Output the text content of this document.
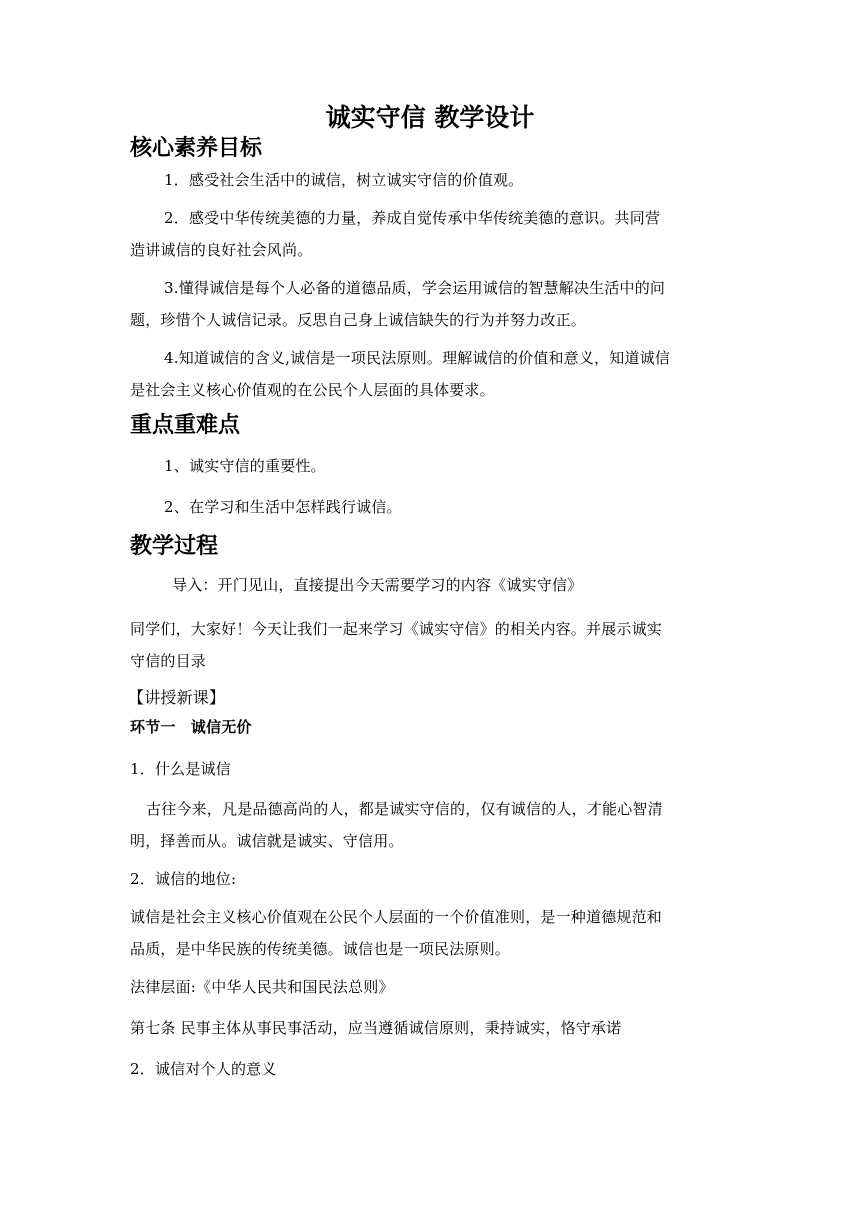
诚实守信 教学设计
核心素养目标
1．感受社会生活中的诚信，树立诚实守信的价值观。
2．感受中华传统美德的力量，养成自觉传承中华传统美德的意识。共同营
造讲诚信的良好社会风尚。
3.懂得诚信是每个人必备的道德品质，学会运用诚信的智慧解决生活中的问
题，珍惜个人诚信记录。反思自己身上诚信缺失的行为并努力改正。
4.知道诚信的含义,诚信是一项民法原则。理解诚信的价值和意义，知道诚信
是社会主义核心价值观的在公民个人层面的具体要求。
重点重难点
1、诚实守信的重要性。
2、在学习和生活中怎样践行诚信。
教学过程
导入：开门见山，直接提出今天需要学习的内容《诚实守信》
同学们，大家好！今天让我们一起来学习《诚实守信》的相关内容。并展示诚实
守信的目录
【讲授新课】
环节一　诚信无价
1．什么是诚信
古往今来，凡是品德高尚的人，都是诚实守信的，仅有诚信的人，才能心智清
明，择善而从。诚信就是诚实、守信用。
2．诚信的地位:
诚信是社会主义核心价值观在公民个人层面的一个价值准则，是一种道德规范和
品质，是中华民族的传统美德。诚信也是一项民法原则。
法律层面:《中华人民共和国民法总则》
第七条 民事主体从事民事活动，应当遵循诚信原则，秉持诚实，恪守承诺
2．诚信对个人的意义
